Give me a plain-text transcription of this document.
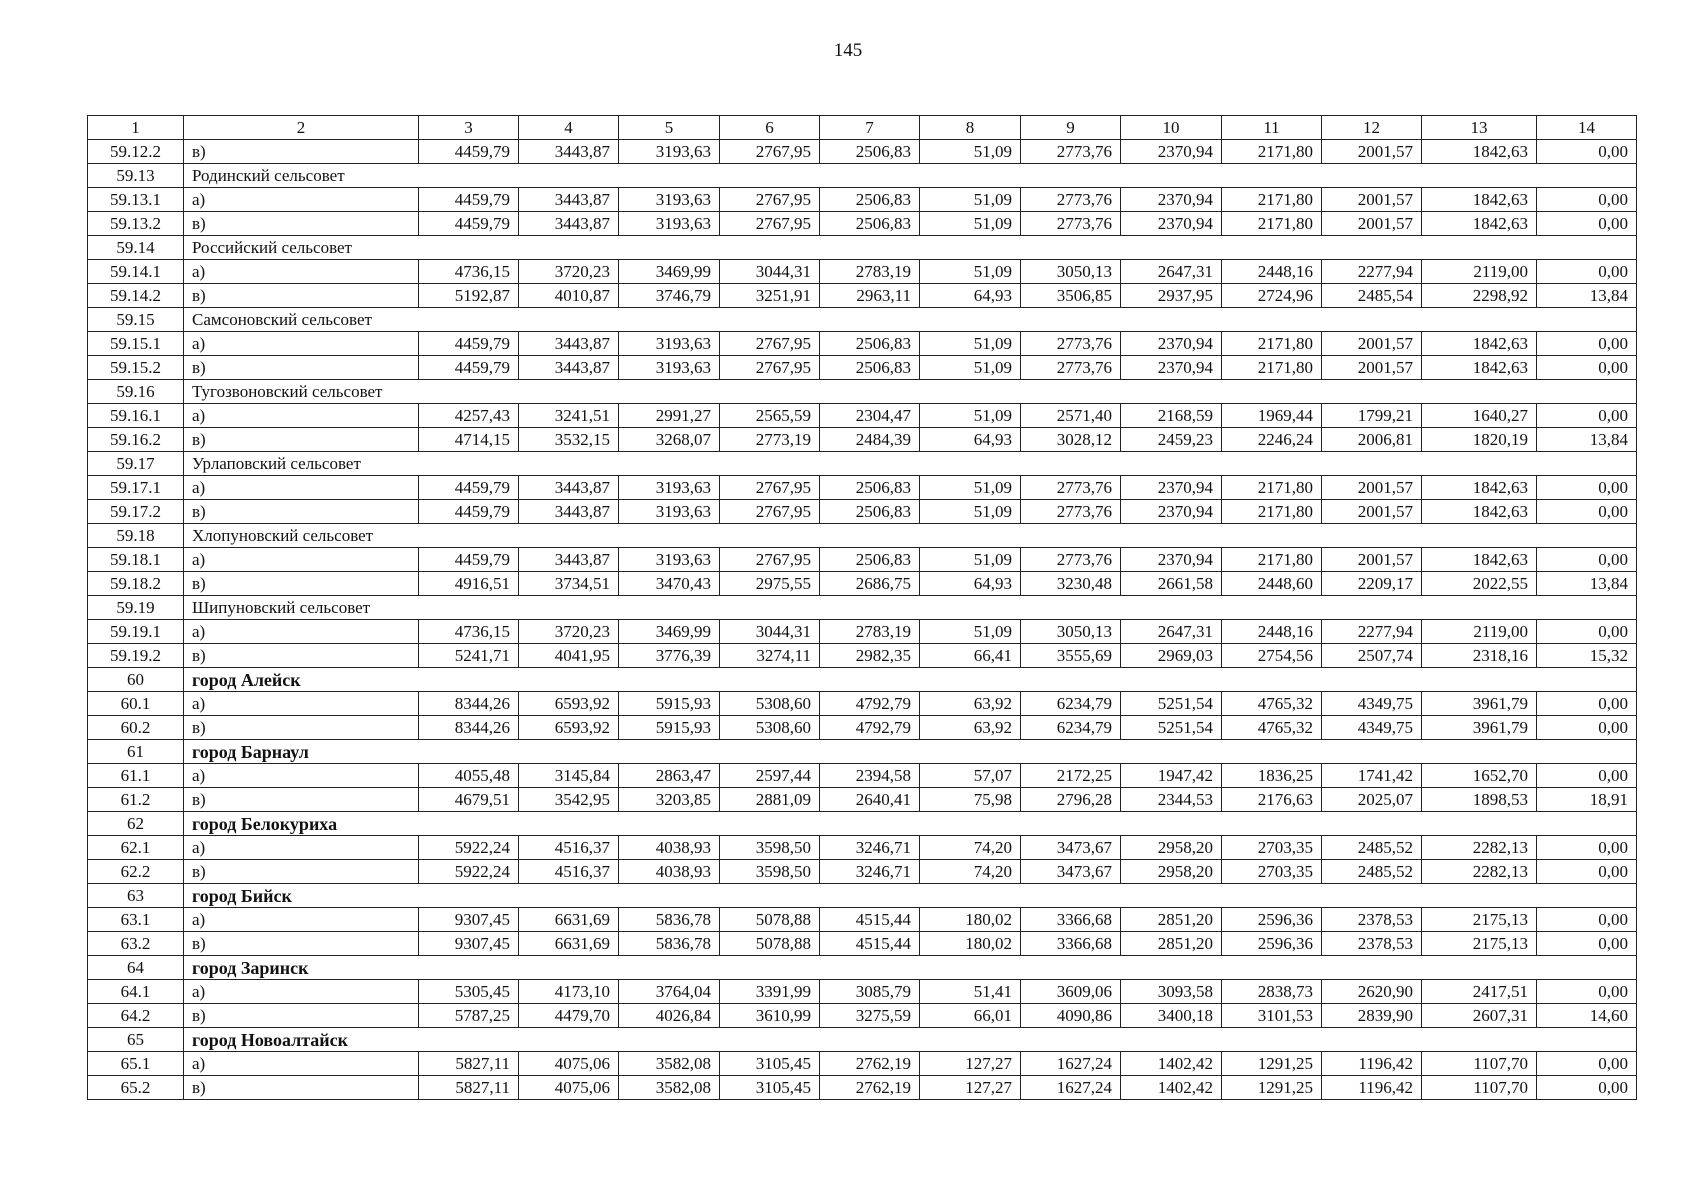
145
1	2	3	4	5	6	7	8	9	10	11	12	13	14
59.12.2	в)	4459,79	3443,87	3193,63	2767,95	2506,83	51,09	2773,76	2370,94	2171,80	2001,57	1842,63	0,00
59.13	Родинский сельсовет												
59.13.1	а)	4459,79	3443,87	3193,63	2767,95	2506,83	51,09	2773,76	2370,94	2171,80	2001,57	1842,63	0,00
59.13.2	в)	4459,79	3443,87	3193,63	2767,95	2506,83	51,09	2773,76	2370,94	2171,80	2001,57	1842,63	0,00
59.14	Российский сельсовет												
59.14.1	а)	4736,15	3720,23	3469,99	3044,31	2783,19	51,09	3050,13	2647,31	2448,16	2277,94	2119,00	0,00
59.14.2	в)	5192,87	4010,87	3746,79	3251,91	2963,11	64,93	3506,85	2937,95	2724,96	2485,54	2298,92	13,84
59.15	Самсоновский сельсовет												
59.15.1	а)	4459,79	3443,87	3193,63	2767,95	2506,83	51,09	2773,76	2370,94	2171,80	2001,57	1842,63	0,00
59.15.2	в)	4459,79	3443,87	3193,63	2767,95	2506,83	51,09	2773,76	2370,94	2171,80	2001,57	1842,63	0,00
59.16	Тугозвоновский сельсовет												
59.16.1	а)	4257,43	3241,51	2991,27	2565,59	2304,47	51,09	2571,40	2168,59	1969,44	1799,21	1640,27	0,00
59.16.2	в)	4714,15	3532,15	3268,07	2773,19	2484,39	64,93	3028,12	2459,23	2246,24	2006,81	1820,19	13,84
59.17	Урлаповский сельсовет												
59.17.1	а)	4459,79	3443,87	3193,63	2767,95	2506,83	51,09	2773,76	2370,94	2171,80	2001,57	1842,63	0,00
59.17.2	в)	4459,79	3443,87	3193,63	2767,95	2506,83	51,09	2773,76	2370,94	2171,80	2001,57	1842,63	0,00
59.18	Хлопуновский сельсовет												
59.18.1	а)	4459,79	3443,87	3193,63	2767,95	2506,83	51,09	2773,76	2370,94	2171,80	2001,57	1842,63	0,00
59.18.2	в)	4916,51	3734,51	3470,43	2975,55	2686,75	64,93	3230,48	2661,58	2448,60	2209,17	2022,55	13,84
59.19	Шипуновский сельсовет												
59.19.1	а)	4736,15	3720,23	3469,99	3044,31	2783,19	51,09	3050,13	2647,31	2448,16	2277,94	2119,00	0,00
59.19.2	в)	5241,71	4041,95	3776,39	3274,11	2982,35	66,41	3555,69	2969,03	2754,56	2507,74	2318,16	15,32
60	город Алейск												
60.1	а)	8344,26	6593,92	5915,93	5308,60	4792,79	63,92	6234,79	5251,54	4765,32	4349,75	3961,79	0,00
60.2	в)	8344,26	6593,92	5915,93	5308,60	4792,79	63,92	6234,79	5251,54	4765,32	4349,75	3961,79	0,00
61	город Барнаул												
61.1	а)	4055,48	3145,84	2863,47	2597,44	2394,58	57,07	2172,25	1947,42	1836,25	1741,42	1652,70	0,00
61.2	в)	4679,51	3542,95	3203,85	2881,09	2640,41	75,98	2796,28	2344,53	2176,63	2025,07	1898,53	18,91
62	город Белокуриха												
62.1	а)	5922,24	4516,37	4038,93	3598,50	3246,71	74,20	3473,67	2958,20	2703,35	2485,52	2282,13	0,00
62.2	в)	5922,24	4516,37	4038,93	3598,50	3246,71	74,20	3473,67	2958,20	2703,35	2485,52	2282,13	0,00
63	город Бийск												
63.1	а)	9307,45	6631,69	5836,78	5078,88	4515,44	180,02	3366,68	2851,20	2596,36	2378,53	2175,13	0,00
63.2	в)	9307,45	6631,69	5836,78	5078,88	4515,44	180,02	3366,68	2851,20	2596,36	2378,53	2175,13	0,00
64	город Заринск												
64.1	а)	5305,45	4173,10	3764,04	3391,99	3085,79	51,41	3609,06	3093,58	2838,73	2620,90	2417,51	0,00
64.2	в)	5787,25	4479,70	4026,84	3610,99	3275,59	66,01	4090,86	3400,18	3101,53	2839,90	2607,31	14,60
65	город Новоалтайск												
65.1	а)	5827,11	4075,06	3582,08	3105,45	2762,19	127,27	1627,24	1402,42	1291,25	1196,42	1107,70	0,00
65.2	в)	5827,11	4075,06	3582,08	3105,45	2762,19	127,27	1627,24	1402,42	1291,25	1196,42	1107,70	0,00
